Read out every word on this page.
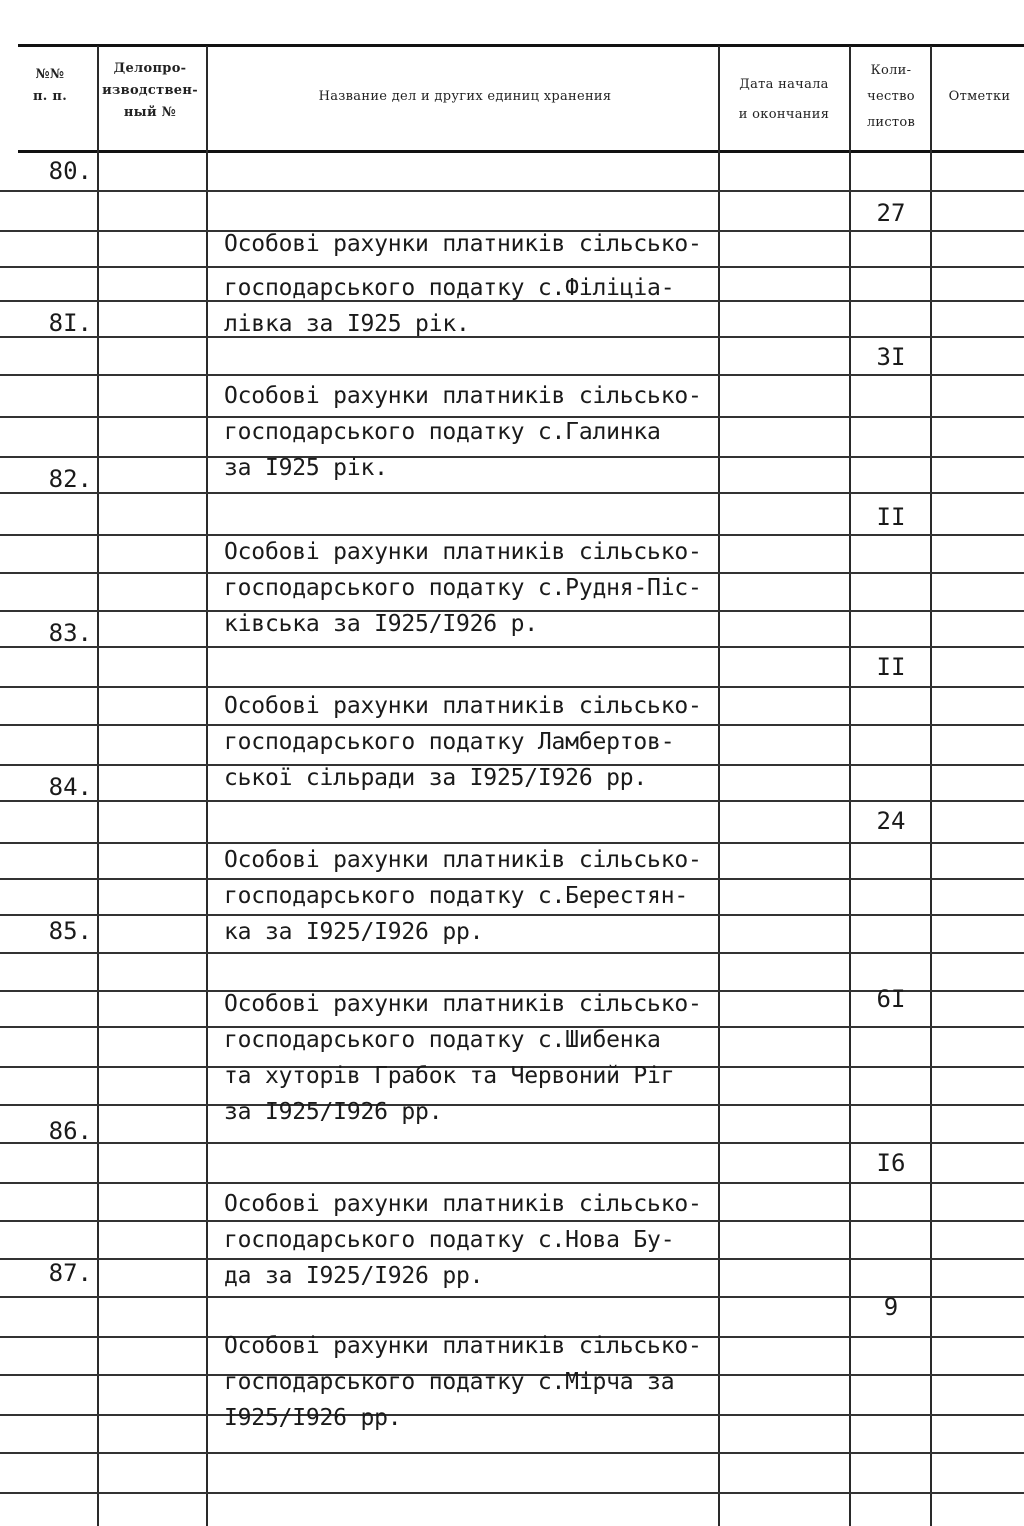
№№
п. п.
Делопро-
изводствен-
ный №
Название дел и других единиц хранения
Дата начала
и окончания
Коли-
чество
листов
Отметки
80.

Особові рахунки платників сільсько-
господарського податку с.Філіціа-
лівка за І925 рік.

27
8І.

Особові рахунки платників сільсько-
господарського податку с.Галинка
за І925 рік.

3І
82.

Особові рахунки платників сільсько-
господарського податку с.Рудня-Піс-
ківська за І925/І926 р.

ІІ
83.

Особові рахунки платників сільсько-
господарського податку Ламбертов-
ської сільради за І925/І926 рр.

ІІ
84.

Особові рахунки платників сільсько-
господарського податку с.Берестян-
ка за І925/І926 рр.

24
85.

Особові рахунки платників сільсько-
господарського податку с.Шибенка
та хуторів Грабок та Червоний Ріг
за І925/І926 рр.

6І
86.

Особові рахунки платників сільсько-
господарського податку с.Нова Бу-
да за І925/І926 рр.

І6
87.

Особові рахунки платників сільсько-
господарського податку с.Мірча за
І925/І926 рр.

9
